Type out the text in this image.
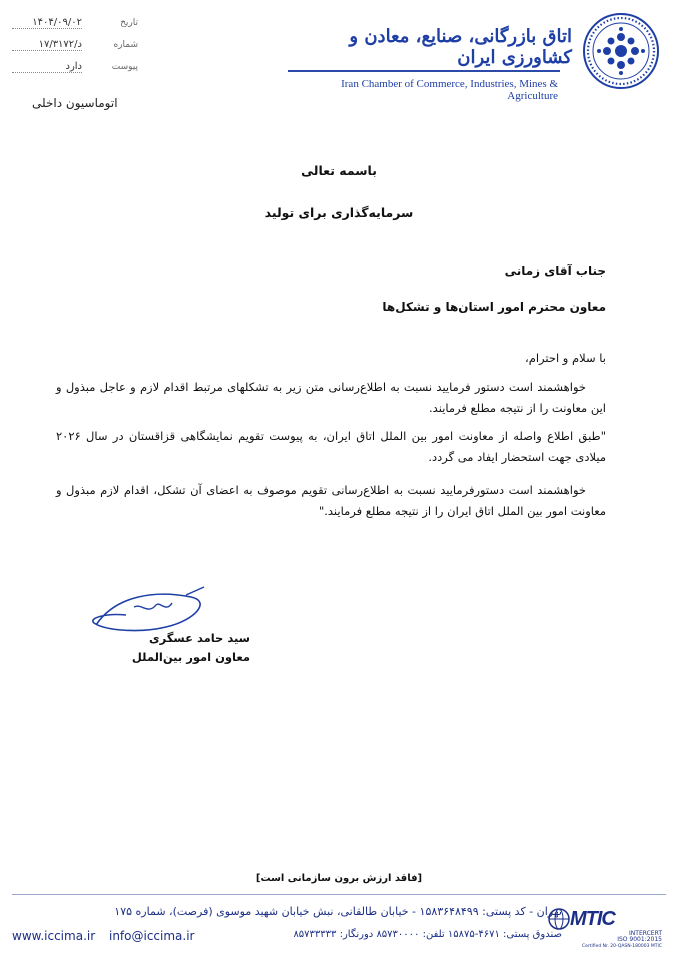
۱۴۰۴/۰۹/۰۲	تاریخ
۱۷/۳۱۷۲/د	شماره
دارد	پیوست
اتوماسیون داخلی
اتاق بازرگانی، صنایع، معادن و کشاورزی ایران
Iran Chamber of Commerce, Industries, Mines & Agriculture
باسمه تعالی
سرمایه‌گذاری برای تولید
جناب آقای زمانی
معاون محترم امور استان‌ها و تشکل‌ها
با سلام و احترام،
خواهشمند است دستور فرمایید نسبت به اطلاع‌رسانی متن زیر به تشکلهای مرتبط اقدام لازم و عاجل مبذول و این معاونت را از نتیجه مطلع فرمایند.
"طبق اطلاع واصله از معاونت امور بین الملل اتاق ایران، به پیوست تقویم نمایشگاهی قزاقستان در سال ۲۰۲۶ میلادی جهت استحضار ایفاد می گردد.
خواهشمند است دستورفرمایید نسبت به اطلاع‌رسانی تقویم موصوف به اعضای آن تشکل، اقدام لازم مبذول و معاونت امور بین الملل اتاق ایران را از نتیجه مطلع فرمایند."
سید حامد عسگری
معاون امور بین‌الملل
[فاقد ارزش برون سازمانی است]
تهران - کد پستی: ۱۵۸۳۶۴۸۴۹۹ - خیابان طالقانی، نبش خیابان شهید موسوی (فرصت)، شماره ۱۷۵
صندوق پستی: ۴۶۷۱-۱۵۸۷۵ تلفن: ۸۵۷۳۰۰۰۰ دورنگار: ۸۵۷۳۳۳۳۳
www.iccima.ir info@iccima.ir
MTIC
INTERCERT
ISO 9001:2015
Certified Nr. 20-QASN-180003 MTIC
